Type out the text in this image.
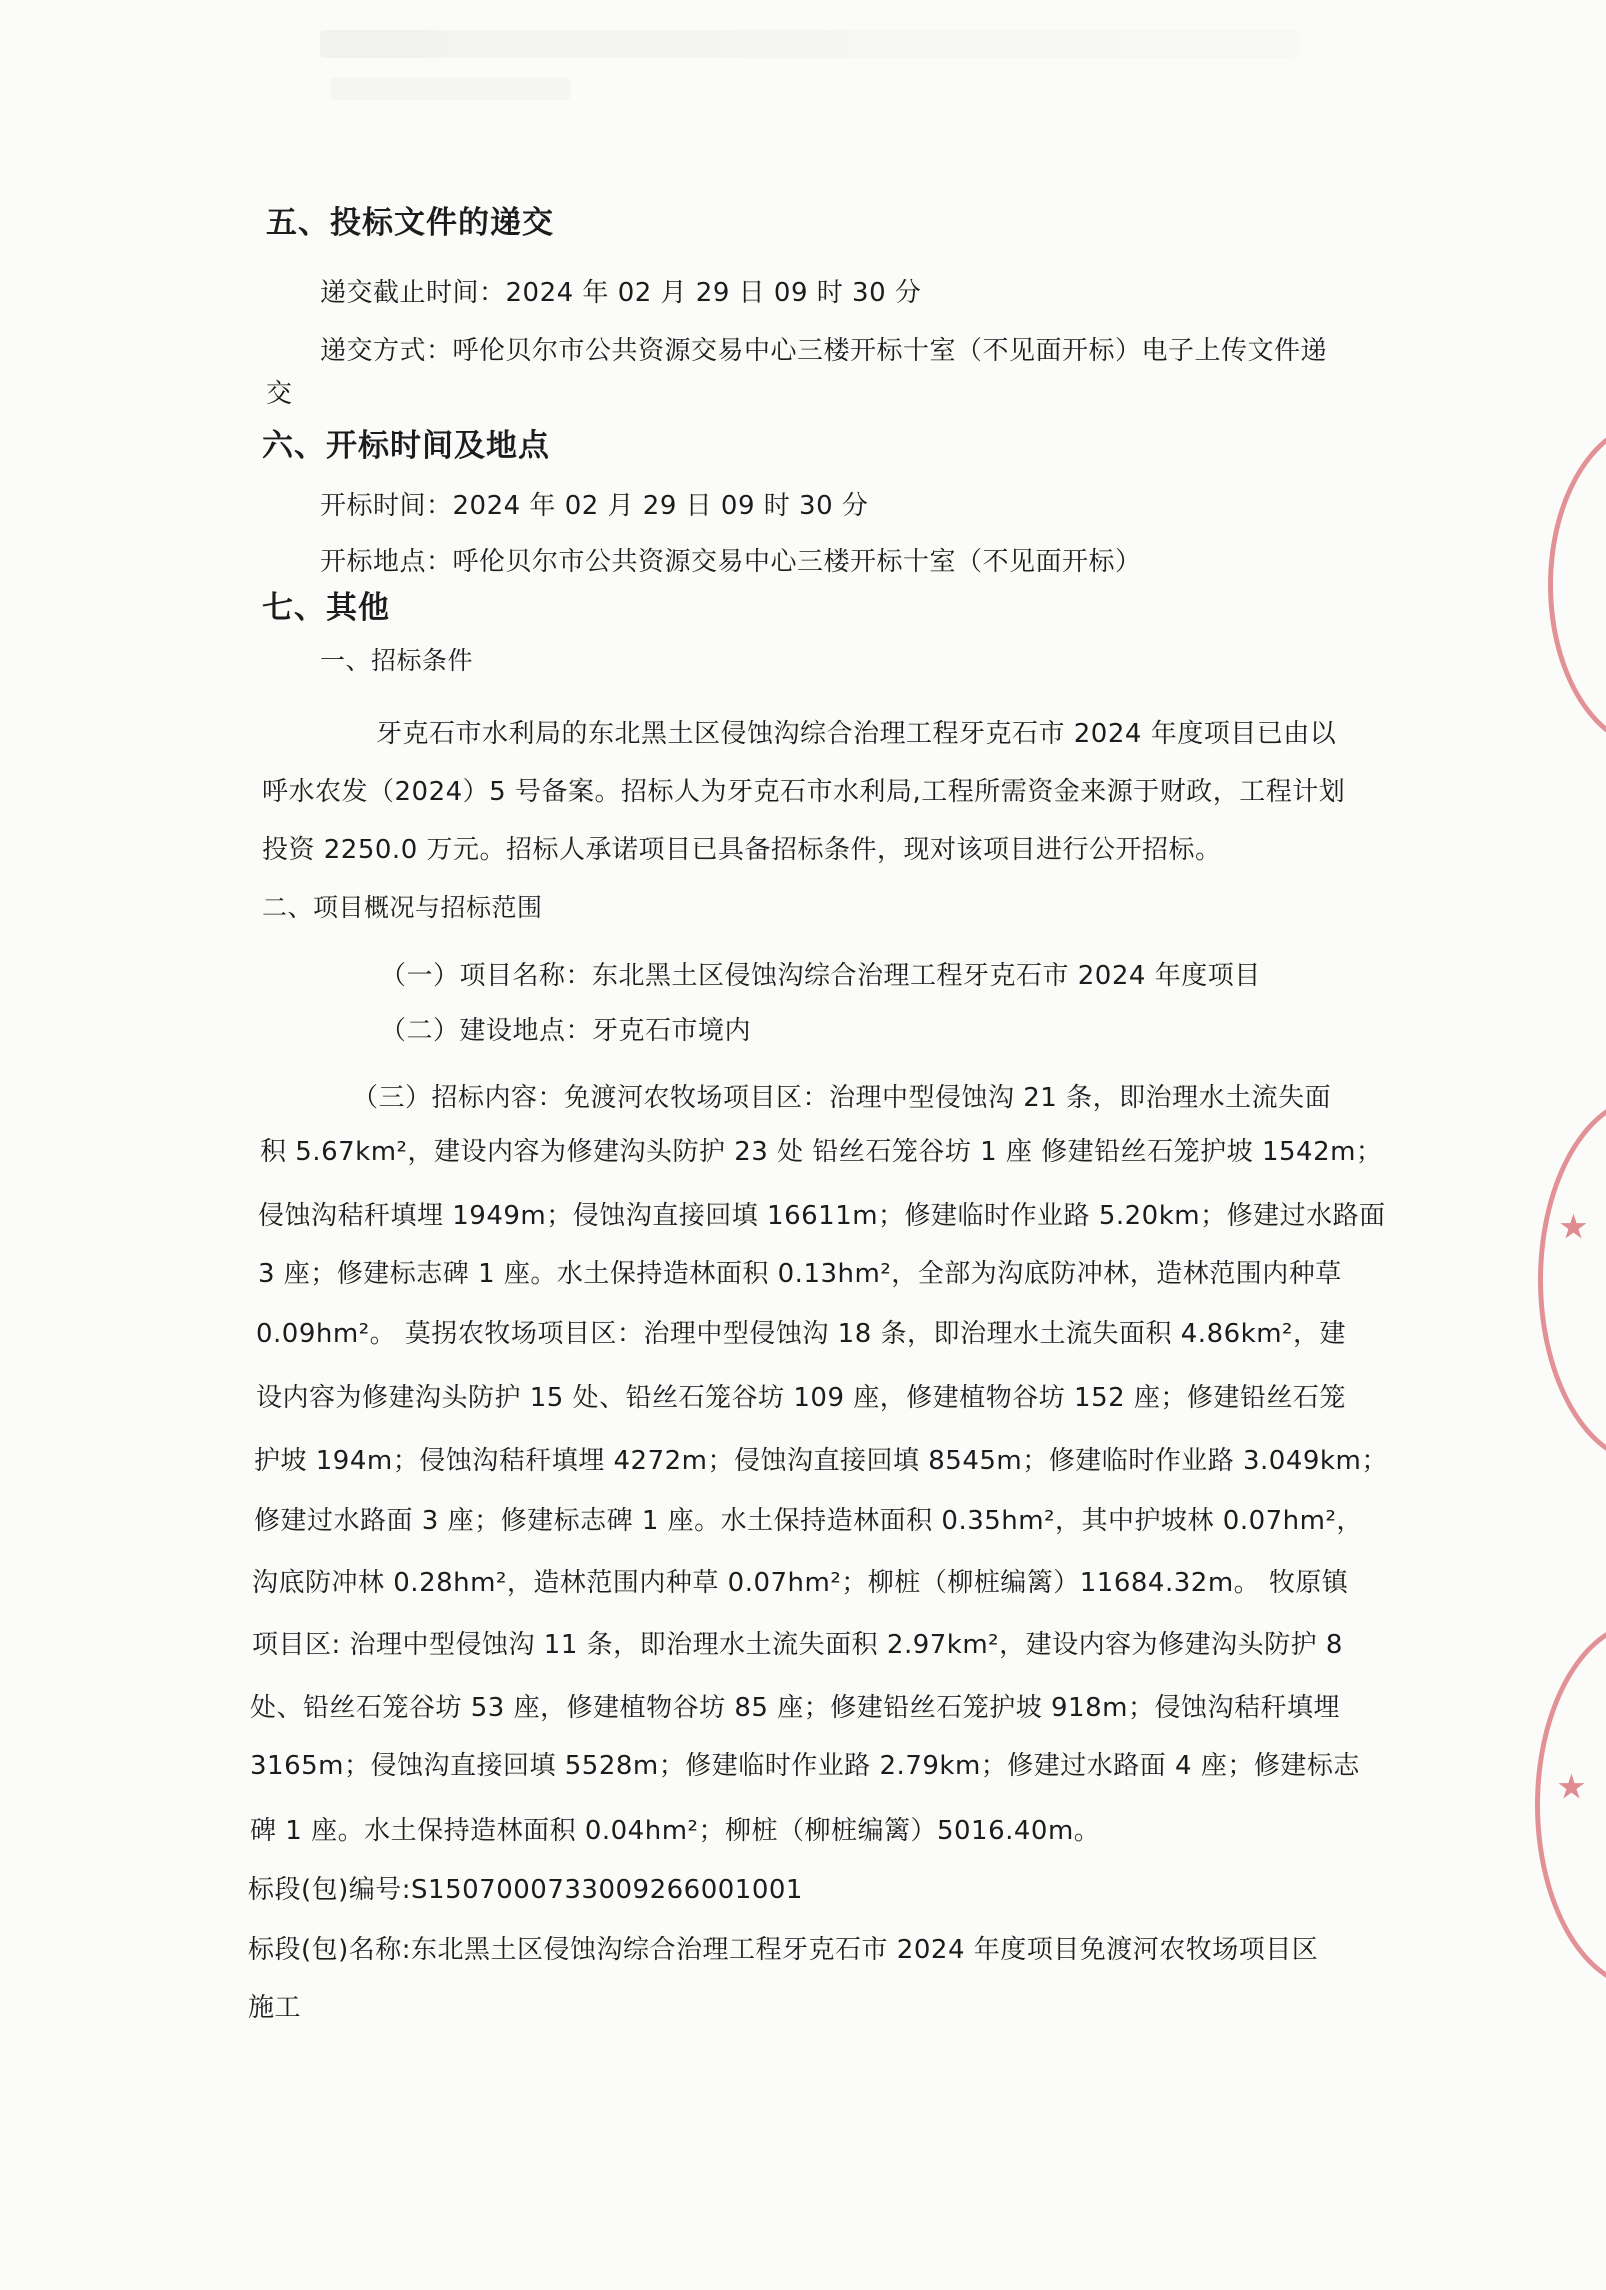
五、投标文件的递交
递交截止时间：2024 年 02 月 29 日 09 时 30 分
递交方式：呼伦贝尔市公共资源交易中心三楼开标十室（不见面开标）电子上传文件递
交
六、开标时间及地点
开标时间：2024 年 02 月 29 日 09 时 30 分
开标地点：呼伦贝尔市公共资源交易中心三楼开标十室（不见面开标）
七、其他
一、招标条件
牙克石市水利局的东北黑土区侵蚀沟综合治理工程牙克石市 2024 年度项目已由以
呼水农发（2024）5 号备案。招标人为牙克石市水利局,工程所需资金来源于财政，工程计划
投资 2250.0 万元。招标人承诺项目已具备招标条件，现对该项目进行公开招标。
二、项目概况与招标范围
（一）项目名称：东北黑土区侵蚀沟综合治理工程牙克石市 2024 年度项目
（二）建设地点：牙克石市境内
（三）招标内容：免渡河农牧场项目区：治理中型侵蚀沟 21 条，即治理水土流失面
积 5.67km²，建设内容为修建沟头防护 23 处 铅丝石笼谷坊 1 座 修建铅丝石笼护坡 1542m；
侵蚀沟秸秆填埋 1949m；侵蚀沟直接回填 16611m；修建临时作业路 5.20km；修建过水路面
3 座；修建标志碑 1 座。水土保持造林面积 0.13hm²，全部为沟底防冲林，造林范围内种草
0.09hm²。 莫拐农牧场项目区：治理中型侵蚀沟 18 条，即治理水土流失面积 4.86km²，建
设内容为修建沟头防护 15 处、铅丝石笼谷坊 109 座，修建植物谷坊 152 座；修建铅丝石笼
护坡 194m；侵蚀沟秸秆填埋 4272m；侵蚀沟直接回填 8545m；修建临时作业路 3.049km；
修建过水路面 3 座；修建标志碑 1 座。水土保持造林面积 0.35hm²，其中护坡林 0.07hm²，
沟底防冲林 0.28hm²，造林范围内种草 0.07hm²；柳桩（柳桩编篱）11684.32m。 牧原镇
项目区: 治理中型侵蚀沟 11 条，即治理水土流失面积 2.97km²，建设内容为修建沟头防护 8
处、铅丝石笼谷坊 53 座，修建植物谷坊 85 座；修建铅丝石笼护坡 918m；侵蚀沟秸秆填埋
3165m；侵蚀沟直接回填 5528m；修建临时作业路 2.79km；修建过水路面 4 座；修建标志
碑 1 座。水土保持造林面积 0.04hm²；柳桩（柳桩编篱）5016.40m。
标段(包)编号:S1507000733009266001001
标段(包)名称:东北黑土区侵蚀沟综合治理工程牙克石市 2024 年度项目免渡河农牧场项目区
施工
★
★
